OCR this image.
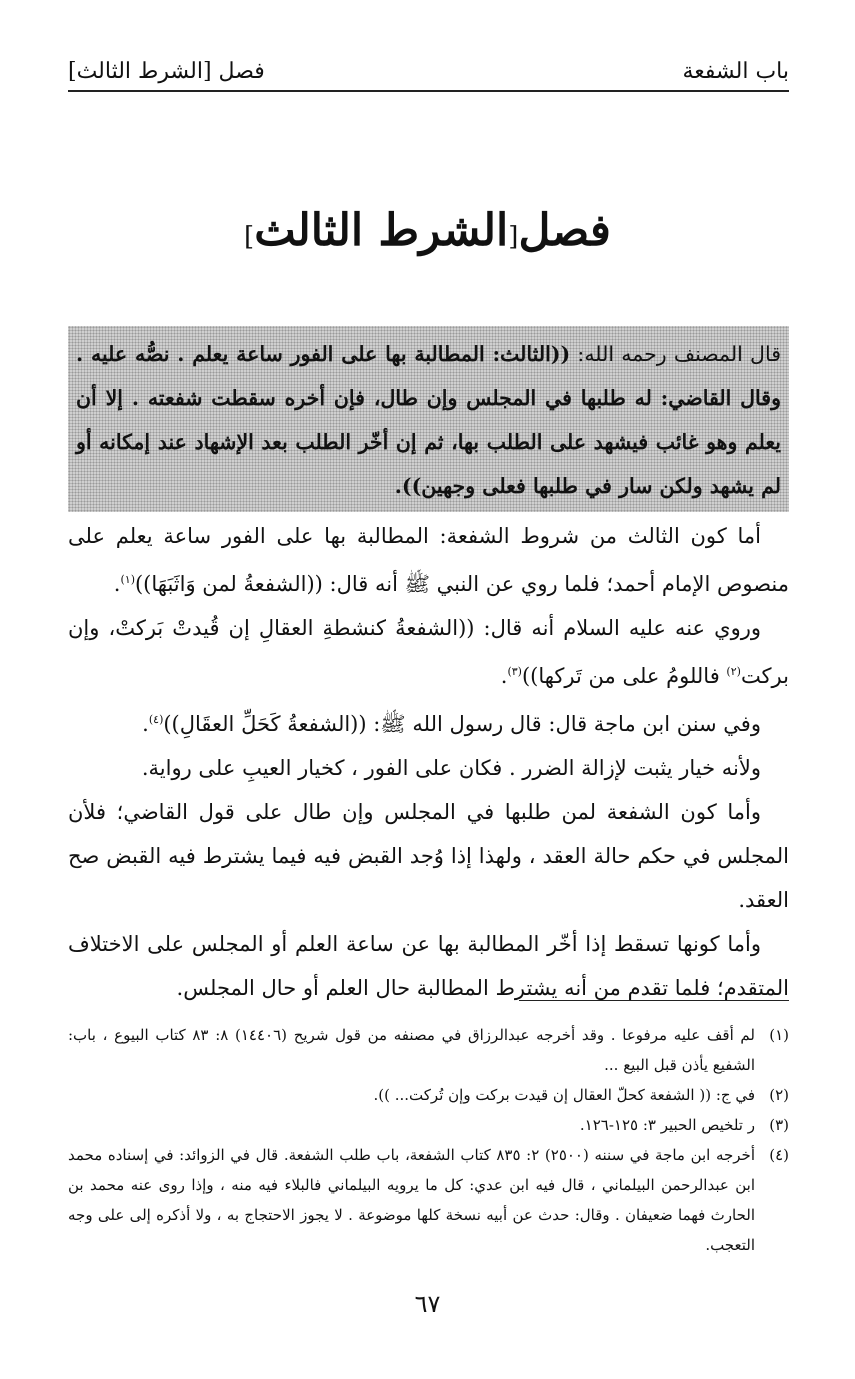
باب الشفعة
فصل [الشرط الثالث]
فصل[الشرط الثالث]
قال المصنف رحمه الله: ((الثالث: المطالبة بها على الفور ساعة يعلم . نصُّه عليه . وقال القاضي: له طلبها في المجلس وإن طال، فإن أخره سقطت شفعته . إلا أن يعلم وهو غائب فيشهد على الطلب بها، ثم إن أخّر الطلب بعد الإشهاد عند إمكانه أو لم يشهد ولكن سار في طلبها فعلى وجهين)).

أما كون الثالث من شروط الشفعة: المطالبة بها على الفور ساعة يعلم على منصوص الإمام أحمد؛ فلما روي عن النبي ﷺ أنه قال: ((الشفعةُ لمن وَاثَبَهَا))$^{(١)}$.

وروي عنه عليه السلام أنه قال: ((الشفعةُ كنشطةِ العقالِ إن قُيدتْ بَركتْ، وإن بركت$^{(٢)}$ فاللومُ على من تَركها))$^{(٣)}$.

وفي سنن ابن ماجة قال: قال رسول الله ﷺ: ((الشفعةُ كَحَلِّ العقَالِ))$^{(٤)}$.

ولأنه خيار يثبت لإزالة الضرر . فكان على الفور ، كخيار العيبِ على رواية.

وأما كون الشفعة لمن طلبها في المجلس وإن طال على قول القاضي؛ فلأن المجلس في حكم حالة العقد ، ولهذا إذا وُجد القبض فيه فيما يشترط فيه القبض صح العقد.

وأما كونها تسقط إذا أخّر المطالبة بها عن ساعة العلم أو المجلس على الاختلاف المتقدم؛ فلما تقدم من أنه يشترط المطالبة حال العلم أو حال المجلس.

(١)
لم أقف عليه مرفوعا . وقد أخرجه عبدالرزاق في مصنفه من قول شريح (١٤٤٠٦) ٨: ٨٣ كتاب البيوع ، باب: الشفيع يأذن قبل البيع ...
(٢)
في ج: (( الشفعة كحلّ العقال إن قيدت بركت وإن تُركت... )).
(٣)
ر تلخيص الحبير ٣: ١٢٥-١٢٦.
(٤)
أخرجه ابن ماجة في سننه (٢٥٠٠) ٢: ٨٣٥ كتاب الشفعة، باب طلب الشفعة. قال في الزوائد: في إسناده محمد ابن عبدالرحمن البيلماني ، قال فيه ابن عدي: كل ما يرويه البيلماني فالبلاء فيه منه ، وإذا روى عنه محمد بن الحارث فهما ضعيفان . وقال: حدث عن أبيه نسخة كلها موضوعة . لا يجوز الاحتجاج به ، ولا أذكره إلى على وجه التعجب.
٦٧
